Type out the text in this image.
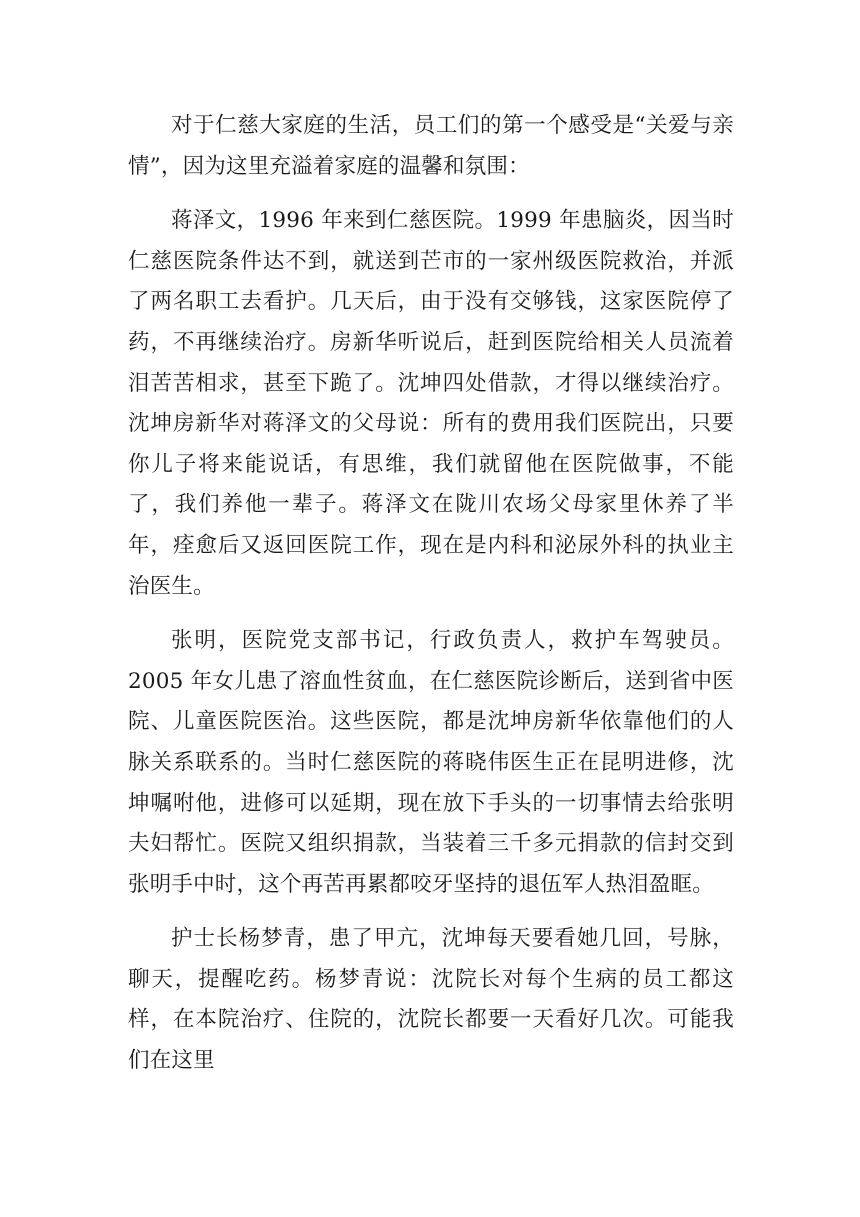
对于仁慈大家庭的生活，员工们的第一个感受是“关爱与亲情”，因为这里充溢着家庭的温馨和氛围：

蒋泽文，1996 年来到仁慈医院。1999 年患脑炎，因当时仁慈医院条件达不到，就送到芒市的一家州级医院救治，并派了两名职工去看护。几天后，由于没有交够钱，这家医院停了药，不再继续治疗。房新华听说后，赶到医院给相关人员流着泪苦苦相求，甚至下跪了。沈坤四处借款，才得以继续治疗。沈坤房新华对蒋泽文的父母说：所有的费用我们医院出，只要你儿子将来能说话，有思维，我们就留他在医院做事，不能了，我们养他一辈子。蒋泽文在陇川农场父母家里休养了半年，痊愈后又返回医院工作，现在是内科和泌尿外科的执业主治医生。

张明，医院党支部书记，行政负责人，救护车驾驶员。2005 年女儿患了溶血性贫血，在仁慈医院诊断后，送到省中医院、儿童医院医治。这些医院，都是沈坤房新华依靠他们的人脉关系联系的。当时仁慈医院的蒋晓伟医生正在昆明进修，沈坤嘱咐他，进修可以延期，现在放下手头的一切事情去给张明夫妇帮忙。医院又组织捐款，当装着三千多元捐款的信封交到张明手中时，这个再苦再累都咬牙坚持的退伍军人热泪盈眶。

护士长杨梦青，患了甲亢，沈坤每天要看她几回，号脉，聊天，提醒吃药。杨梦青说：沈院长对每个生病的员工都这样，在本院治疗、住院的，沈院长都要一天看好几次。可能我们在这里
